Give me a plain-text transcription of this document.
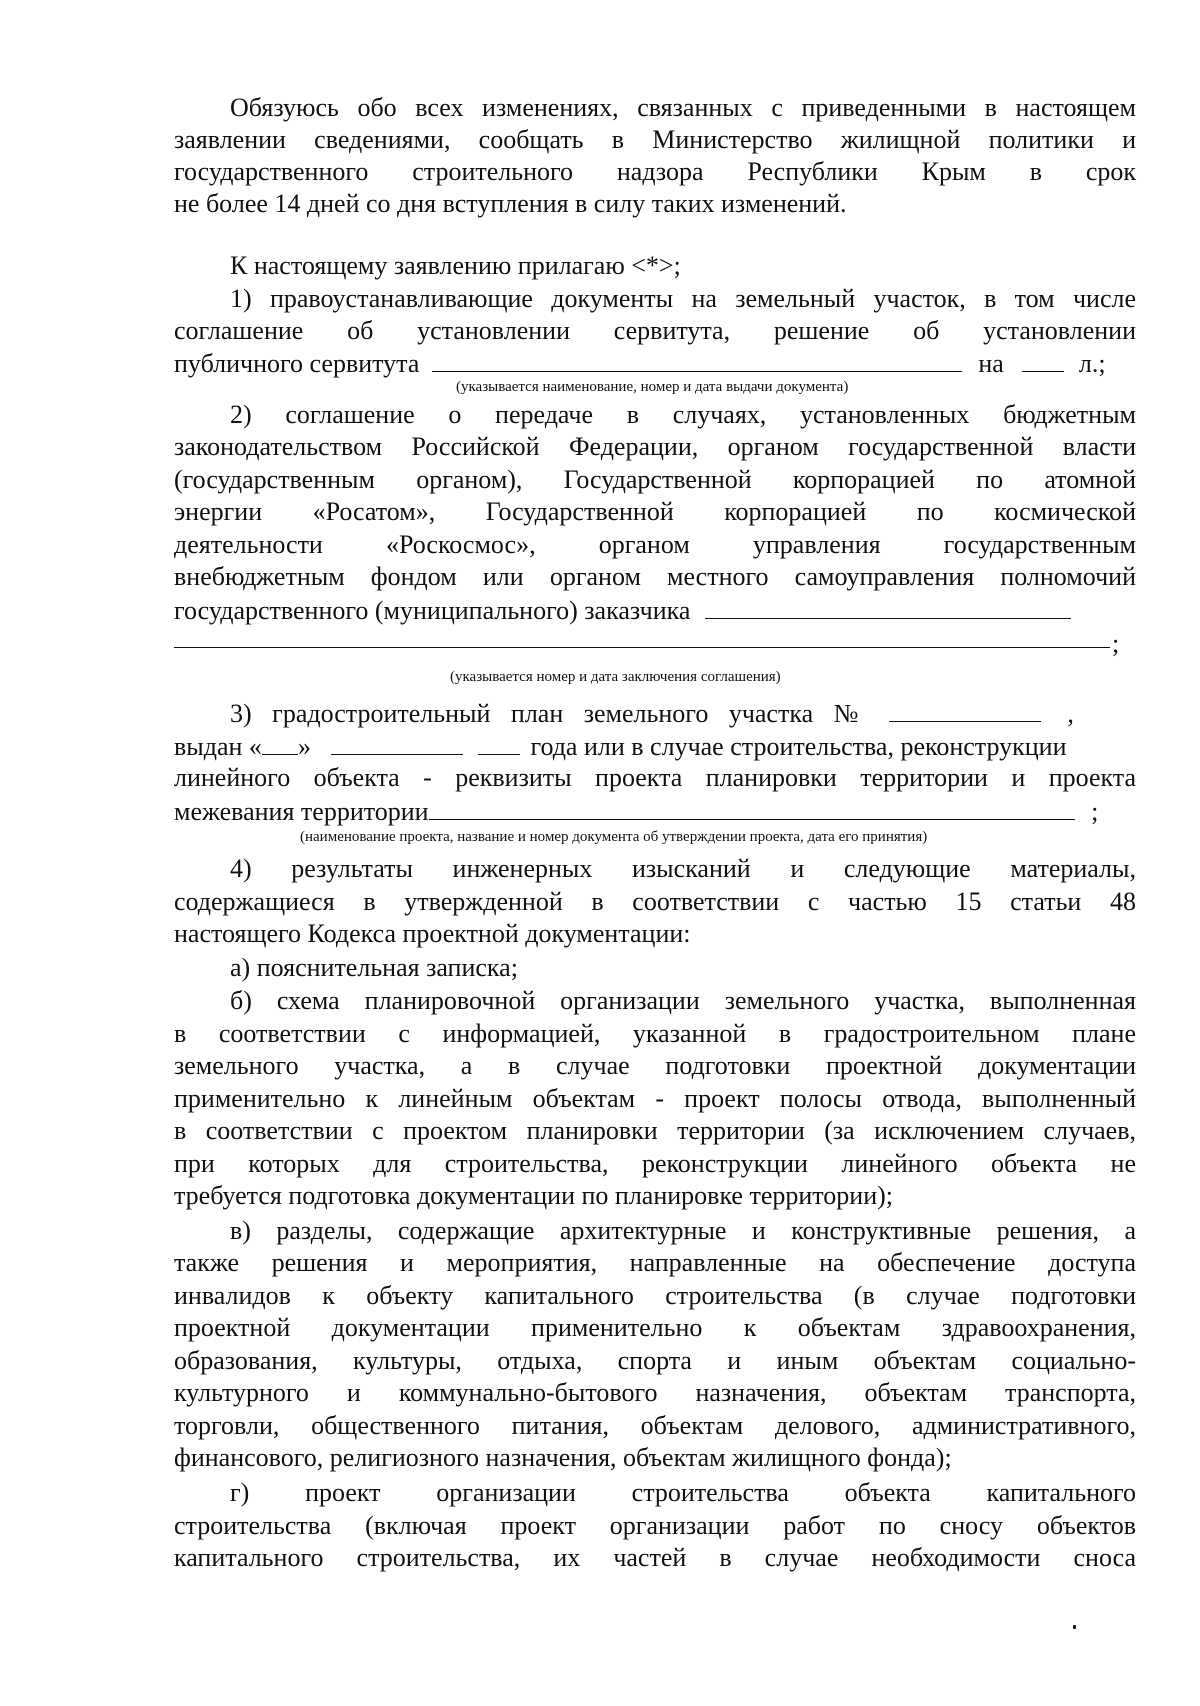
Обязуюсь обо всех изменениях, связанных с приведенными в настоящем
заявлении сведениями, сообщать в Министерство жилищной политики и
государственного строительного надзора Республики Крым в срок
не более 14 дней со дня вступления в силу таких изменений.
К настоящему заявлению прилагаю <*>;
1) правоустанавливающие документы на земельный участок, в том числе
соглашение об установлении сервитута, решение об установлении
публичного сервитута	на	л.;
(указывается наименование, номер и дата выдачи документа)
2) соглашение о передаче в случаях, установленных бюджетным
законодательством Российской Федерации, органом государственной власти
(государственным органом), Государственной корпорацией по атомной
энергии «Росатом», Государственной корпорацией по космической
деятельности «Роскосмос», органом управления государственным
внебюджетным фондом или органом местного самоуправления полномочий
государственного (муниципального) заказчика
;
(указывается номер и дата заключения соглашения)
3) градостроительный план земельного участка №	,
выдан « »	года или в случае строительства, реконструкции
линейного объекта - реквизиты проекта планировки территории и проекта
межевания территории	;
(наименование проекта, название и номер документа об утверждении проекта, дата его принятия)
4) результаты инженерных изысканий и следующие материалы,
содержащиеся в утвержденной в соответствии с частью 15 статьи 48
настоящего Кодекса проектной документации:
а) пояснительная записка;
б) схема планировочной организации земельного участка, выполненная
в соответствии с информацией, указанной в градостроительном плане
земельного участка, а в случае подготовки проектной документации
применительно к линейным объектам - проект полосы отвода, выполненный
в соответствии с проектом планировки территории (за исключением случаев,
при которых для строительства, реконструкции линейного объекта не
требуется подготовка документации по планировке территории);
в) разделы, содержащие архитектурные и конструктивные решения, а
также решения и мероприятия, направленные на обеспечение доступа
инвалидов к объекту капитального строительства (в случае подготовки
проектной документации применительно к объектам здравоохранения,
образования, культуры, отдыха, спорта и иным объектам социально-
культурного и коммунально-бытового назначения, объектам транспорта,
торговли, общественного питания, объектам делового, административного,
финансового, религиозного назначения, объектам жилищного фонда);
г) проект организации строительства объекта капитального
строительства (включая проект организации работ по сносу объектов
капитального строительства, их частей в случае необходимости сноса
